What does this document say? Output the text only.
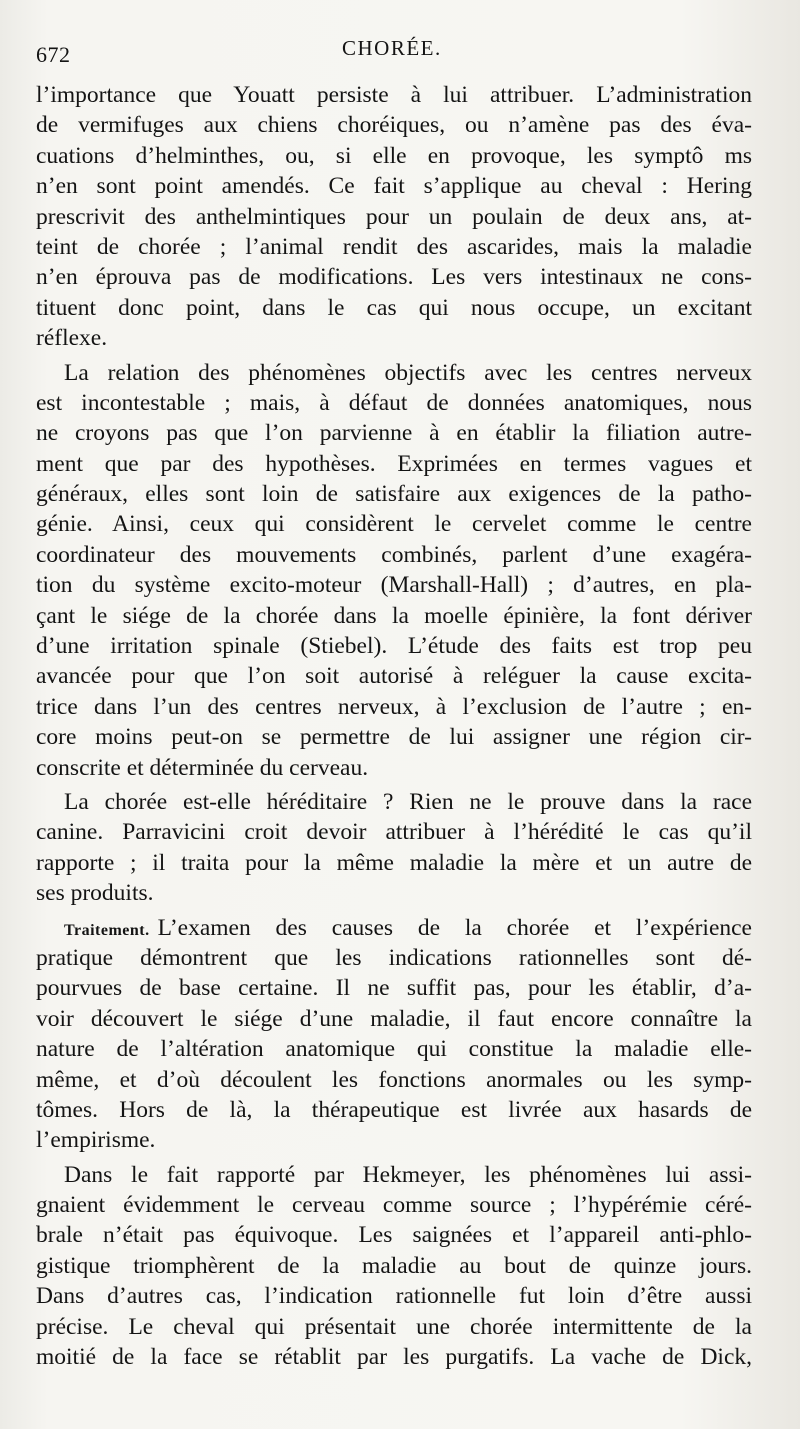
672	CHORÉE.
l’importance que Youatt persiste à lui attribuer. L’administration
de vermifuges aux chiens choréiques, ou n’amène pas des éva-
cuations d’helminthes, ou, si elle en provoque, les symptô ms
n’en sont point amendés. Ce fait s’applique au cheval : Hering
prescrivit des anthelmintiques pour un poulain de deux ans, at-
teint de chorée ; l’animal rendit des ascarides, mais la maladie
n’en éprouva pas de modifications. Les vers intestinaux ne cons-
tituent donc point, dans le cas qui nous occupe, un excitant
réflexe.
La relation des phénomènes objectifs avec les centres nerveux
est incontestable ; mais, à défaut de données anatomiques, nous
ne croyons pas que l’on parvienne à en établir la filiation autre-
ment que par des hypothèses. Exprimées en termes vagues et
généraux, elles sont loin de satisfaire aux exigences de la patho-
génie. Ainsi, ceux qui considèrent le cervelet comme le centre
coordinateur des mouvements combinés, parlent d’une exagéra-
tion du système excito-moteur (Marshall-Hall) ; d’autres, en pla-
çant le siége de la chorée dans la moelle épinière, la font dériver
d’une irritation spinale (Stiebel). L’étude des faits est trop peu
avancée pour que l’on soit autorisé à reléguer la cause excita-
trice dans l’un des centres nerveux, à l’exclusion de l’autre ; en-
core moins peut-on se permettre de lui assigner une région cir-
conscrite et déterminée du cerveau.
La chorée est-elle héréditaire ? Rien ne le prouve dans la race
canine. Parravicini croit devoir attribuer à l’hérédité le cas qu’il
rapporte ; il traita pour la même maladie la mère et un autre de
ses produits.
Traitement. L’examen des causes de la chorée et l’expérience
pratique démontrent que les indications rationnelles sont dé-
pourvues de base certaine. Il ne suffit pas, pour les établir, d’a-
voir découvert le siége d’une maladie, il faut encore connaître la
nature de l’altération anatomique qui constitue la maladie elle-
même, et d’où découlent les fonctions anormales ou les symp-
tômes. Hors de là, la thérapeutique est livrée aux hasards de
l’empirisme.
Dans le fait rapporté par Hekmeyer, les phénomènes lui assi-
gnaient évidemment le cerveau comme source ; l’hypérémie céré-
brale n’était pas équivoque. Les saignées et l’appareil anti-phlo-
gistique triomphèrent de la maladie au bout de quinze jours.
Dans d’autres cas, l’indication rationnelle fut loin d’être aussi
précise. Le cheval qui présentait une chorée intermittente de la
moitié de la face se rétablit par les purgatifs. La vache de Dick,
